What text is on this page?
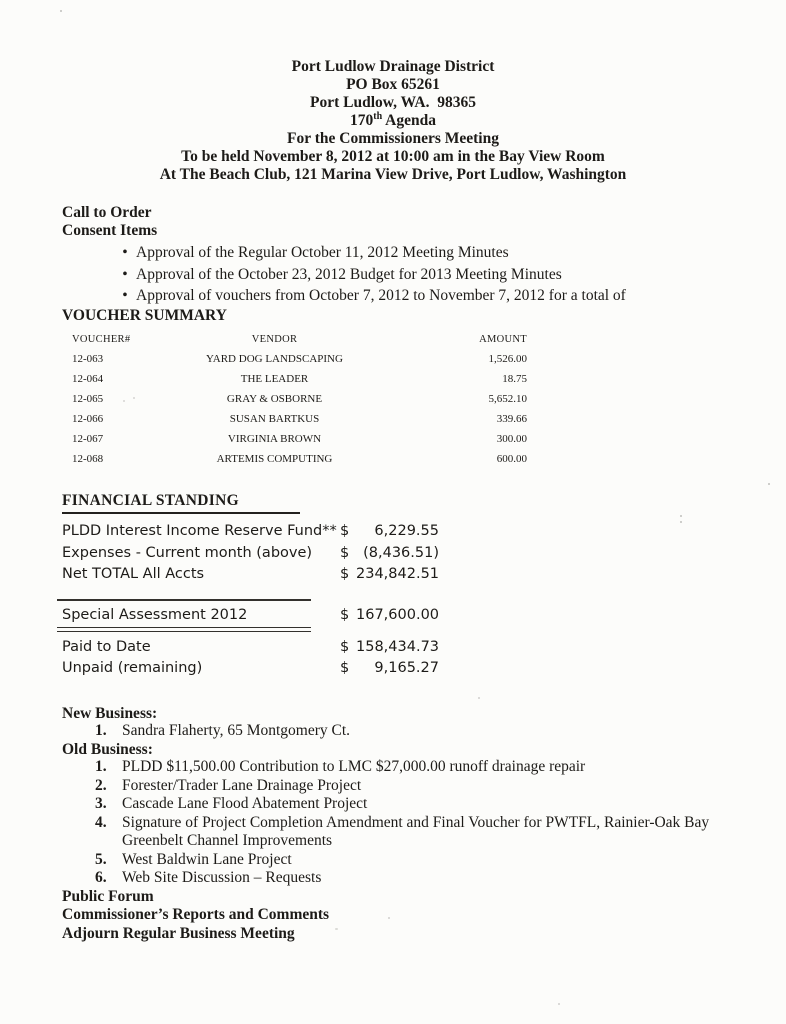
Port Ludlow Drainage District
PO Box 65261
Port Ludlow, WA.  98365
170th Agenda
For the Commissioners Meeting
To be held November 8, 2012 at 10:00 am in the Bay View Room
At The Beach Club, 121 Marina View Drive, Port Ludlow, Washington
Call to Order
Consent Items
• Approval of the Regular October 11, 2012 Meeting Minutes
• Approval of the October 23, 2012 Budget for 2013 Meeting Minutes
• Approval of vouchers from October 7, 2012 to November 7, 2012 for a total of
VOUCHER SUMMARY
VOUCHER#	VENDOR	AMOUNT
12-063	YARD DOG LANDSCAPING	1,526.00
12-064	THE LEADER	18.75
12-065	GRAY & OSBORNE	5,652.10
12-066	SUSAN BARTKUS	339.66
12-067	VIRGINIA BROWN	300.00
12-068	ARTEMIS COMPUTING	600.00
FINANCIAL STANDING
PLDD Interest Income Reserve Fund** $	6,229.55
Expenses - Current month (above)	$ (8,436.51)
Net TOTAL All Accts	$ 234,842.51
Special Assessment 2012	$ 167,600.00
Paid to Date	$ 158,434.73
Unpaid (remaining)	$	9,165.27
New Business:
1. Sandra Flaherty, 65 Montgomery Ct.
Old Business:
1. PLDD $11,500.00 Contribution to LMC $27,000.00 runoff drainage repair
2. Forester/Trader Lane Drainage Project
3. Cascade Lane Flood Abatement Project
4. Signature of Project Completion Amendment and Final Voucher for PWTFL, Rainier-Oak Bay Greenbelt Channel Improvements
5. West Baldwin Lane Project
6. Web Site Discussion – Requests
Public Forum
Commissioner’s Reports and Comments
Adjourn Regular Business Meeting
